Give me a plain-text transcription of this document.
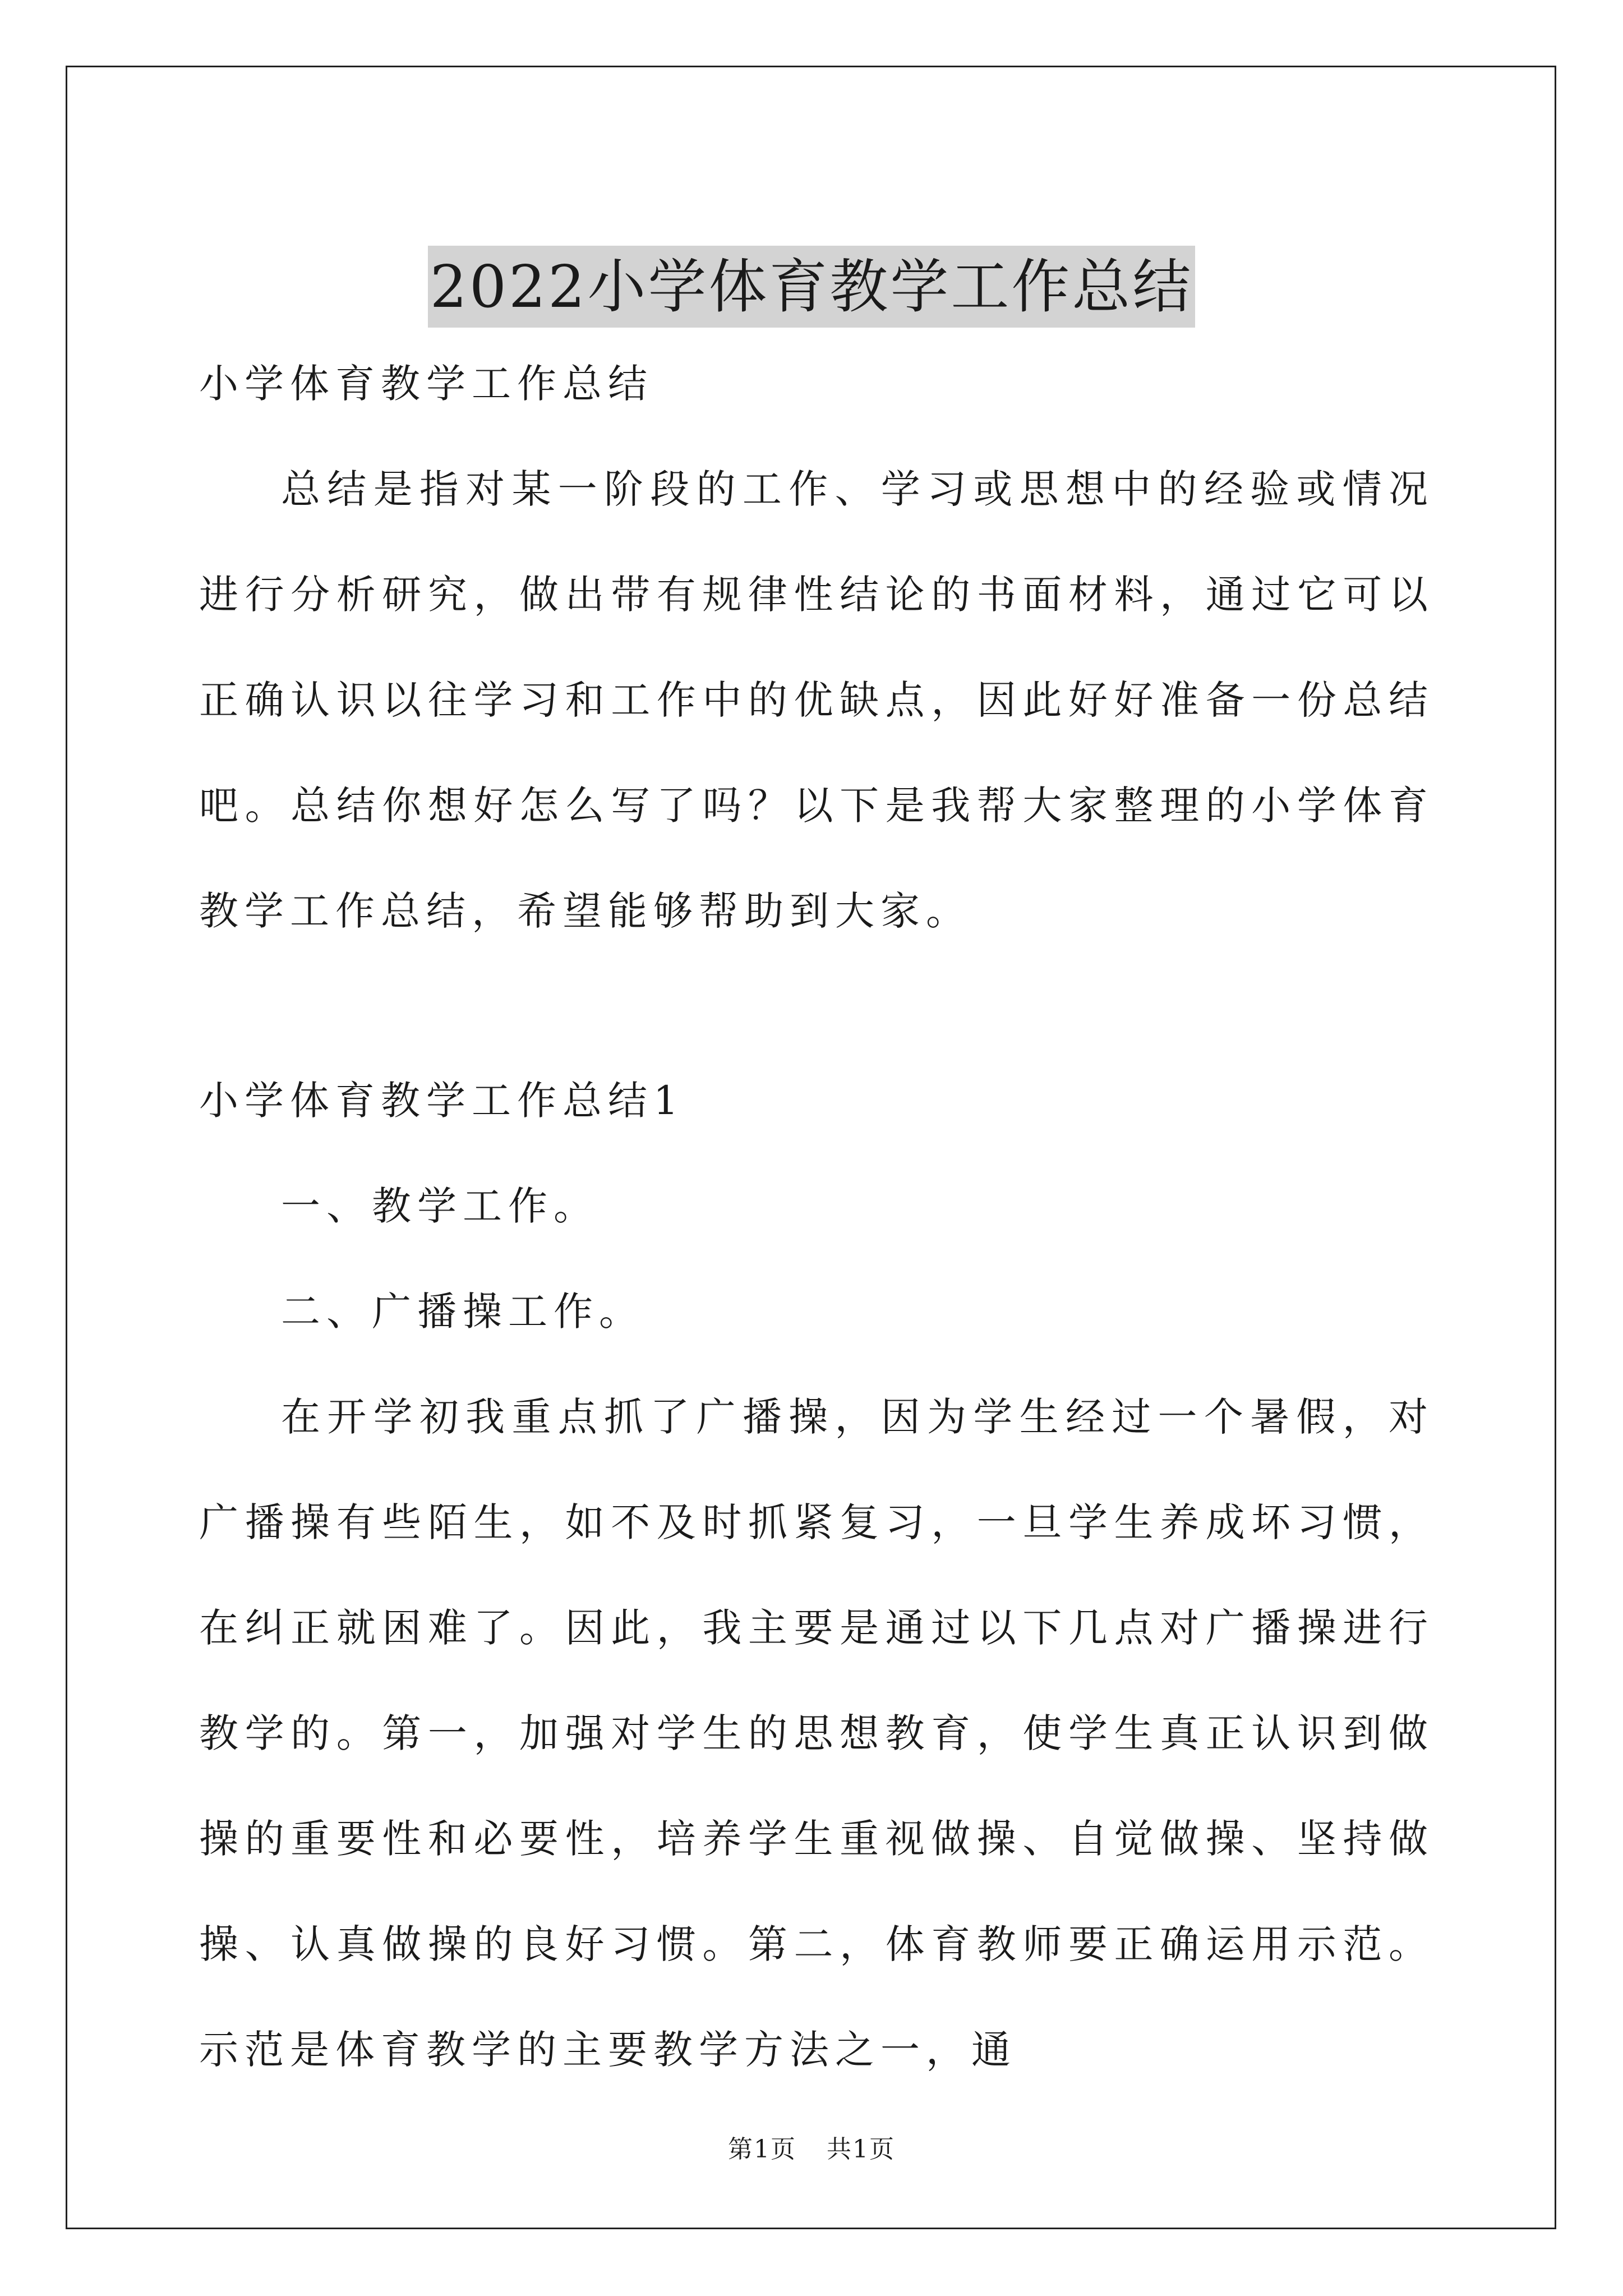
2022小学体育教学工作总结

小学体育教学工作总结

总结是指对某一阶段的工作、学习或思想中的经验或情况进行分析研究，做出带有规律性结论的书面材料，通过它可以正确认识以往学习和工作中的优缺点，因此好好准备一份总结吧。总结你想好怎么写了吗？以下是我帮大家整理的小学体育教学工作总结，希望能够帮助到大家。

小学体育教学工作总结1

一、教学工作。

二、广播操工作。

在开学初我重点抓了广播操，因为学生经过一个暑假，对广播操有些陌生，如不及时抓紧复习，一旦学生养成坏习惯，在纠正就困难了。因此，我主要是通过以下几点对广播操进行教学的。第一，加强对学生的思想教育，使学生真正认识到做操的重要性和必要性，培养学生重视做操、自觉做操、坚持做操、认真做操的良好习惯。第二，体育教师要正确运用示范。示范是体育教学的主要教学方法之一，通

第1页 共1页
